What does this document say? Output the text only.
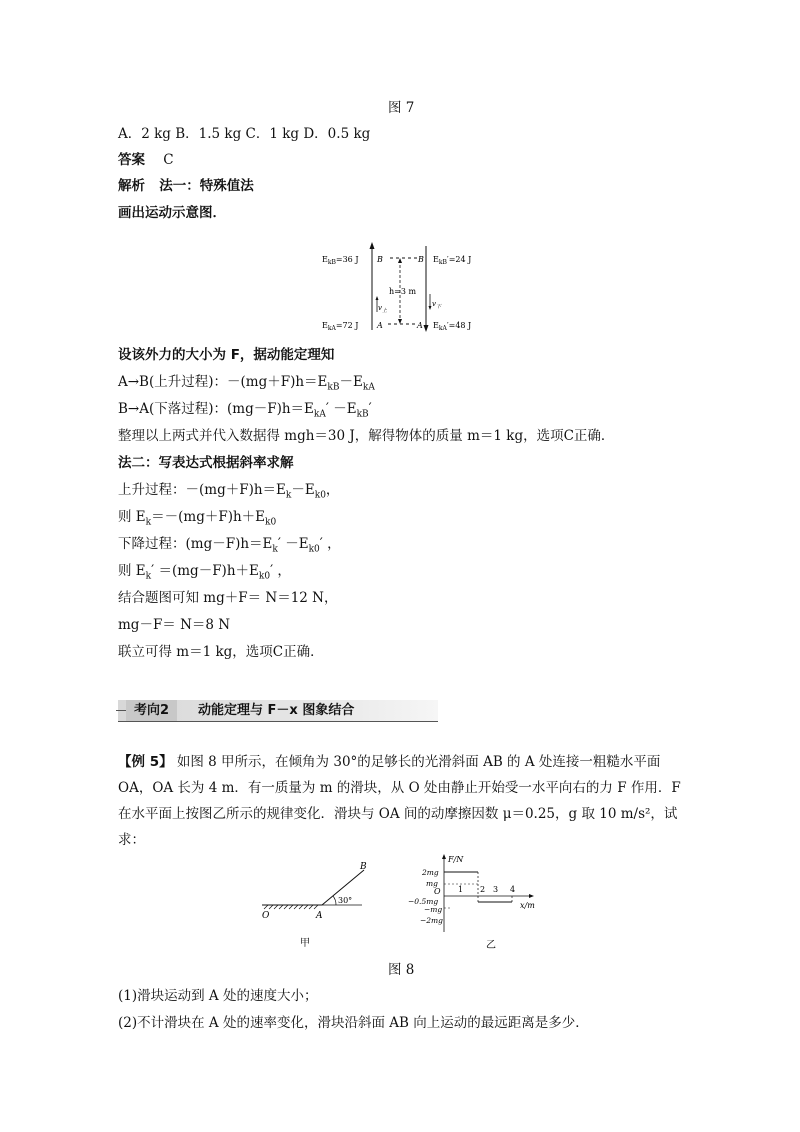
图 7
A．2 kg B．1.5 kg C．1 kg D．0.5 kg
答案 C
解析 法一：特殊值法
画出运动示意图．
$E_{kB}=36$ J
$E_{kA}=72$ J
B
A
B
A
$E_{kB}'=24$ J
$E_{kA}'=48$ J
h=3 m
$v_上$
$v_下$
设该外力的大小为 F，据动能定理知
A→B(上升过程)：$-(mg+F)h=E_{kB}-E_{kA}$
B→A(下落过程)：$(mg-F)h=E_{kA}' -E_{kB}'$
整理以上两式并代入数据得 mgh＝30 J，解得物体的质量 m＝1 kg，选项C正确．
法二：写表达式根据斜率求解
上升过程：$-(mg+F)h=E_k-E_{k0}$，
则 $E_k=-(mg+F)h+E_{k0}$
下降过程：$(mg-F)h=E_k' -E_{k0}'$ ，
则 $E_k' =(mg-F)h+E_{k0}'$ ，
结合题图可知 mg＋F＝ N＝12 N，
mg－F＝ N＝8 N
联立可得 m＝1 kg，选项C正确．
考向2	动能定理与 F－x 图象结合
【例 5】 如图 8 甲所示，在倾角为 30°的足够长的光滑斜面 AB 的 A 处连接一粗糙水平面
OA，OA 长为 4 m．有一质量为 m 的滑块，从 O 处由静止开始受一水平向右的力 F 作用．F
在水平面上按图乙所示的规律变化．滑块与 OA 间的动摩擦因数 μ＝0.25，g 取 10 m/s²，试
求：
O	A
B
30°
甲
F/N
x/m
O
2mg
mg
−0.5mg
−mg
−2mg
1 2 3 4
乙
图 8
(1)滑块运动到 A 处的速度大小；
(2)不计滑块在 A 处的速率变化，滑块沿斜面 AB 向上运动的最远距离是多少．
